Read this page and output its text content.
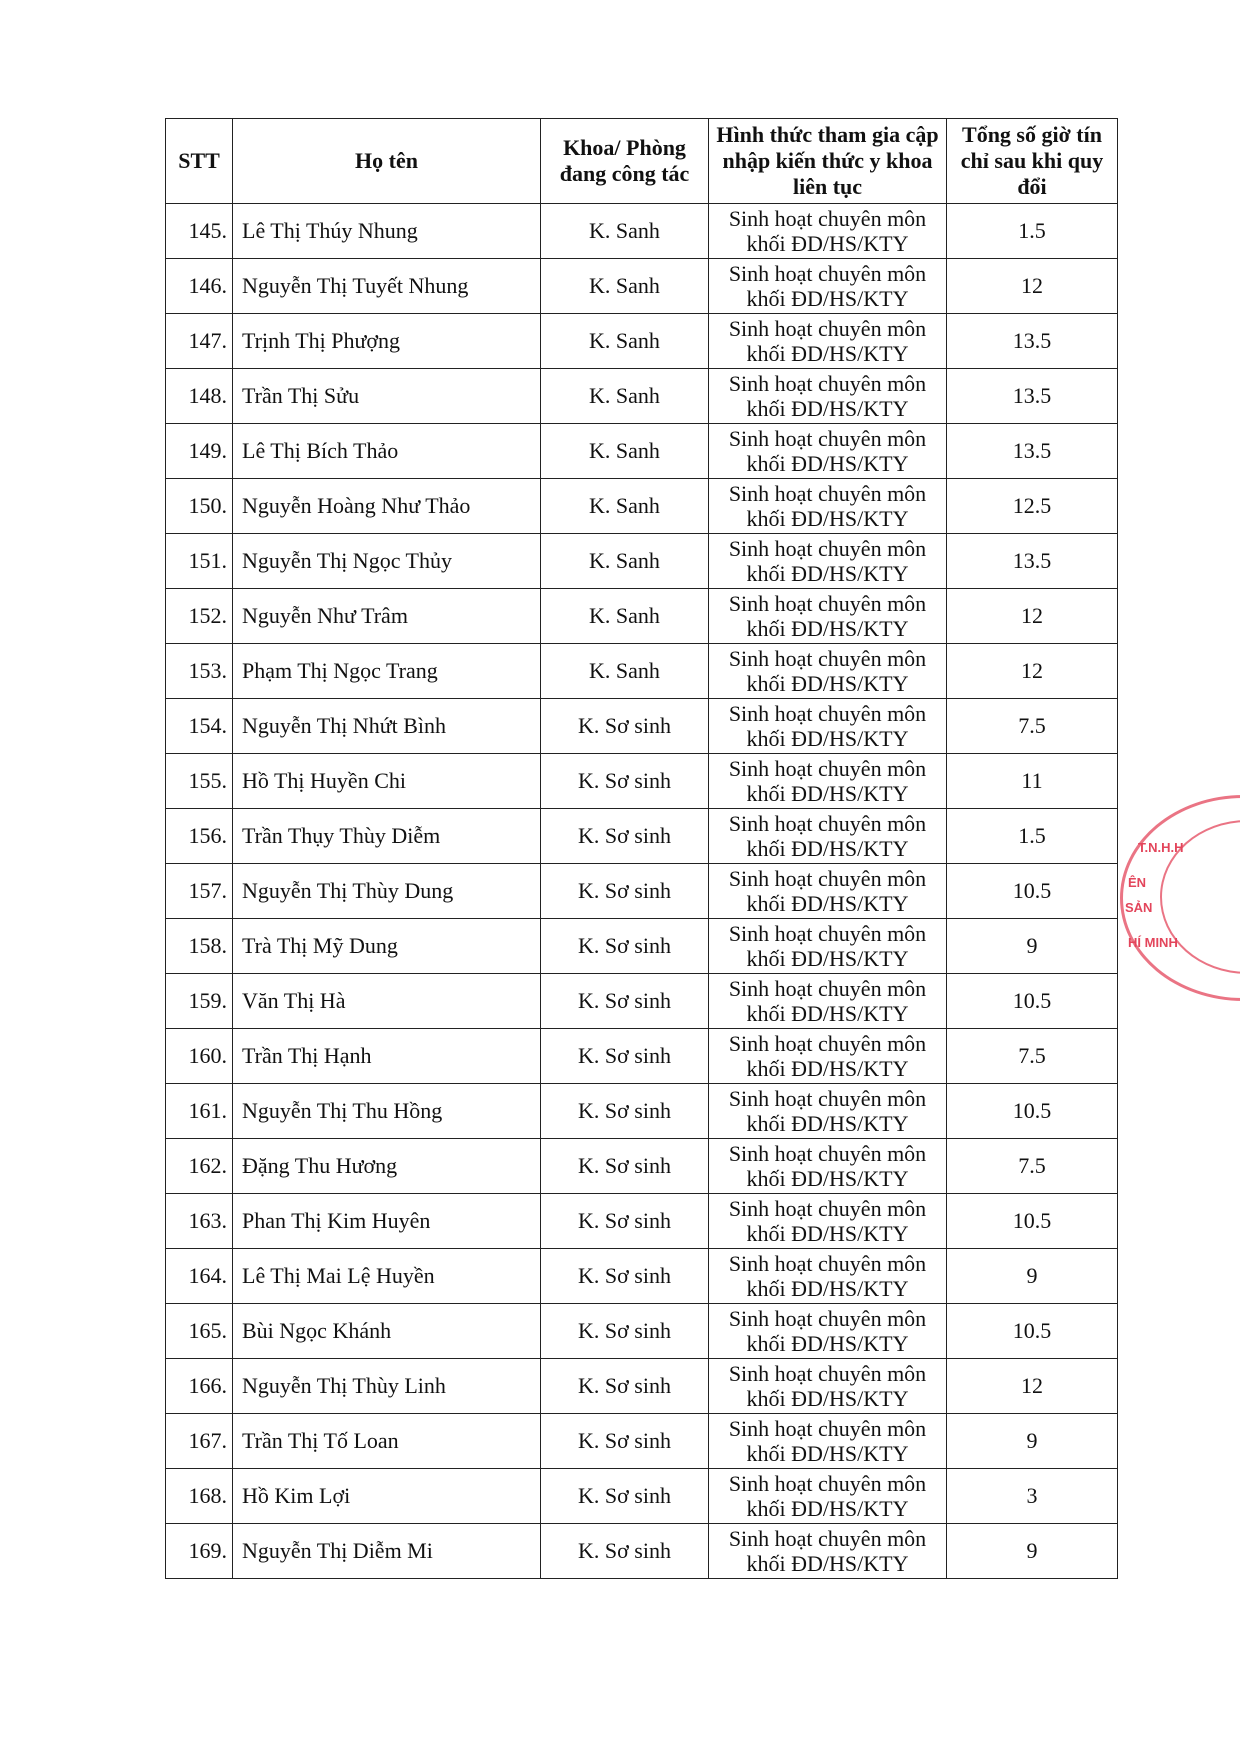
STT	Họ tên	Khoa/ Phòng đang công tác	Hình thức tham gia cập nhập kiến thức y khoa liên tục	Tổng số giờ tín chỉ sau khi quy đổi
145.	Lê Thị Thúy Nhung	K. Sanh	Sinh hoạt chuyên môn khối ĐD/HS/KTY	1.5
146.	Nguyễn Thị Tuyết Nhung	K. Sanh	Sinh hoạt chuyên môn khối ĐD/HS/KTY	12
147.	Trịnh Thị Phượng	K. Sanh	Sinh hoạt chuyên môn khối ĐD/HS/KTY	13.5
148.	Trần Thị Sửu	K. Sanh	Sinh hoạt chuyên môn khối ĐD/HS/KTY	13.5
149.	Lê Thị Bích Thảo	K. Sanh	Sinh hoạt chuyên môn khối ĐD/HS/KTY	13.5
150.	Nguyễn Hoàng Như Thảo	K. Sanh	Sinh hoạt chuyên môn khối ĐD/HS/KTY	12.5
151.	Nguyễn Thị Ngọc Thủy	K. Sanh	Sinh hoạt chuyên môn khối ĐD/HS/KTY	13.5
152.	Nguyễn Như Trâm	K. Sanh	Sinh hoạt chuyên môn khối ĐD/HS/KTY	12
153.	Phạm Thị Ngọc Trang	K. Sanh	Sinh hoạt chuyên môn khối ĐD/HS/KTY	12
154.	Nguyễn Thị Nhứt Bình	K. Sơ sinh	Sinh hoạt chuyên môn khối ĐD/HS/KTY	7.5
155.	Hồ Thị Huyền Chi	K. Sơ sinh	Sinh hoạt chuyên môn khối ĐD/HS/KTY	11
156.	Trần Thụy Thùy Diễm	K. Sơ sinh	Sinh hoạt chuyên môn khối ĐD/HS/KTY	1.5
157.	Nguyễn Thị Thùy Dung	K. Sơ sinh	Sinh hoạt chuyên môn khối ĐD/HS/KTY	10.5
158.	Trà Thị Mỹ Dung	K. Sơ sinh	Sinh hoạt chuyên môn khối ĐD/HS/KTY	9
159.	Văn Thị Hà	K. Sơ sinh	Sinh hoạt chuyên môn khối ĐD/HS/KTY	10.5
160.	Trần Thị Hạnh	K. Sơ sinh	Sinh hoạt chuyên môn khối ĐD/HS/KTY	7.5
161.	Nguyễn Thị Thu Hồng	K. Sơ sinh	Sinh hoạt chuyên môn khối ĐD/HS/KTY	10.5
162.	Đặng Thu Hương	K. Sơ sinh	Sinh hoạt chuyên môn khối ĐD/HS/KTY	7.5
163.	Phan Thị Kim Huyên	K. Sơ sinh	Sinh hoạt chuyên môn khối ĐD/HS/KTY	10.5
164.	Lê Thị Mai Lệ Huyền	K. Sơ sinh	Sinh hoạt chuyên môn khối ĐD/HS/KTY	9
165.	Bùi Ngọc Khánh	K. Sơ sinh	Sinh hoạt chuyên môn khối ĐD/HS/KTY	10.5
166.	Nguyễn Thị Thùy Linh	K. Sơ sinh	Sinh hoạt chuyên môn khối ĐD/HS/KTY	12
167.	Trần Thị Tố Loan	K. Sơ sinh	Sinh hoạt chuyên môn khối ĐD/HS/KTY	9
168.	Hồ Kim Lợi	K. Sơ sinh	Sinh hoạt chuyên môn khối ĐD/HS/KTY	3
169.	Nguyễn Thị Diễm Mi	K. Sơ sinh	Sinh hoạt chuyên môn khối ĐD/HS/KTY	9
T.N.H.H
ÊN
SẢN
HÍ MINH
